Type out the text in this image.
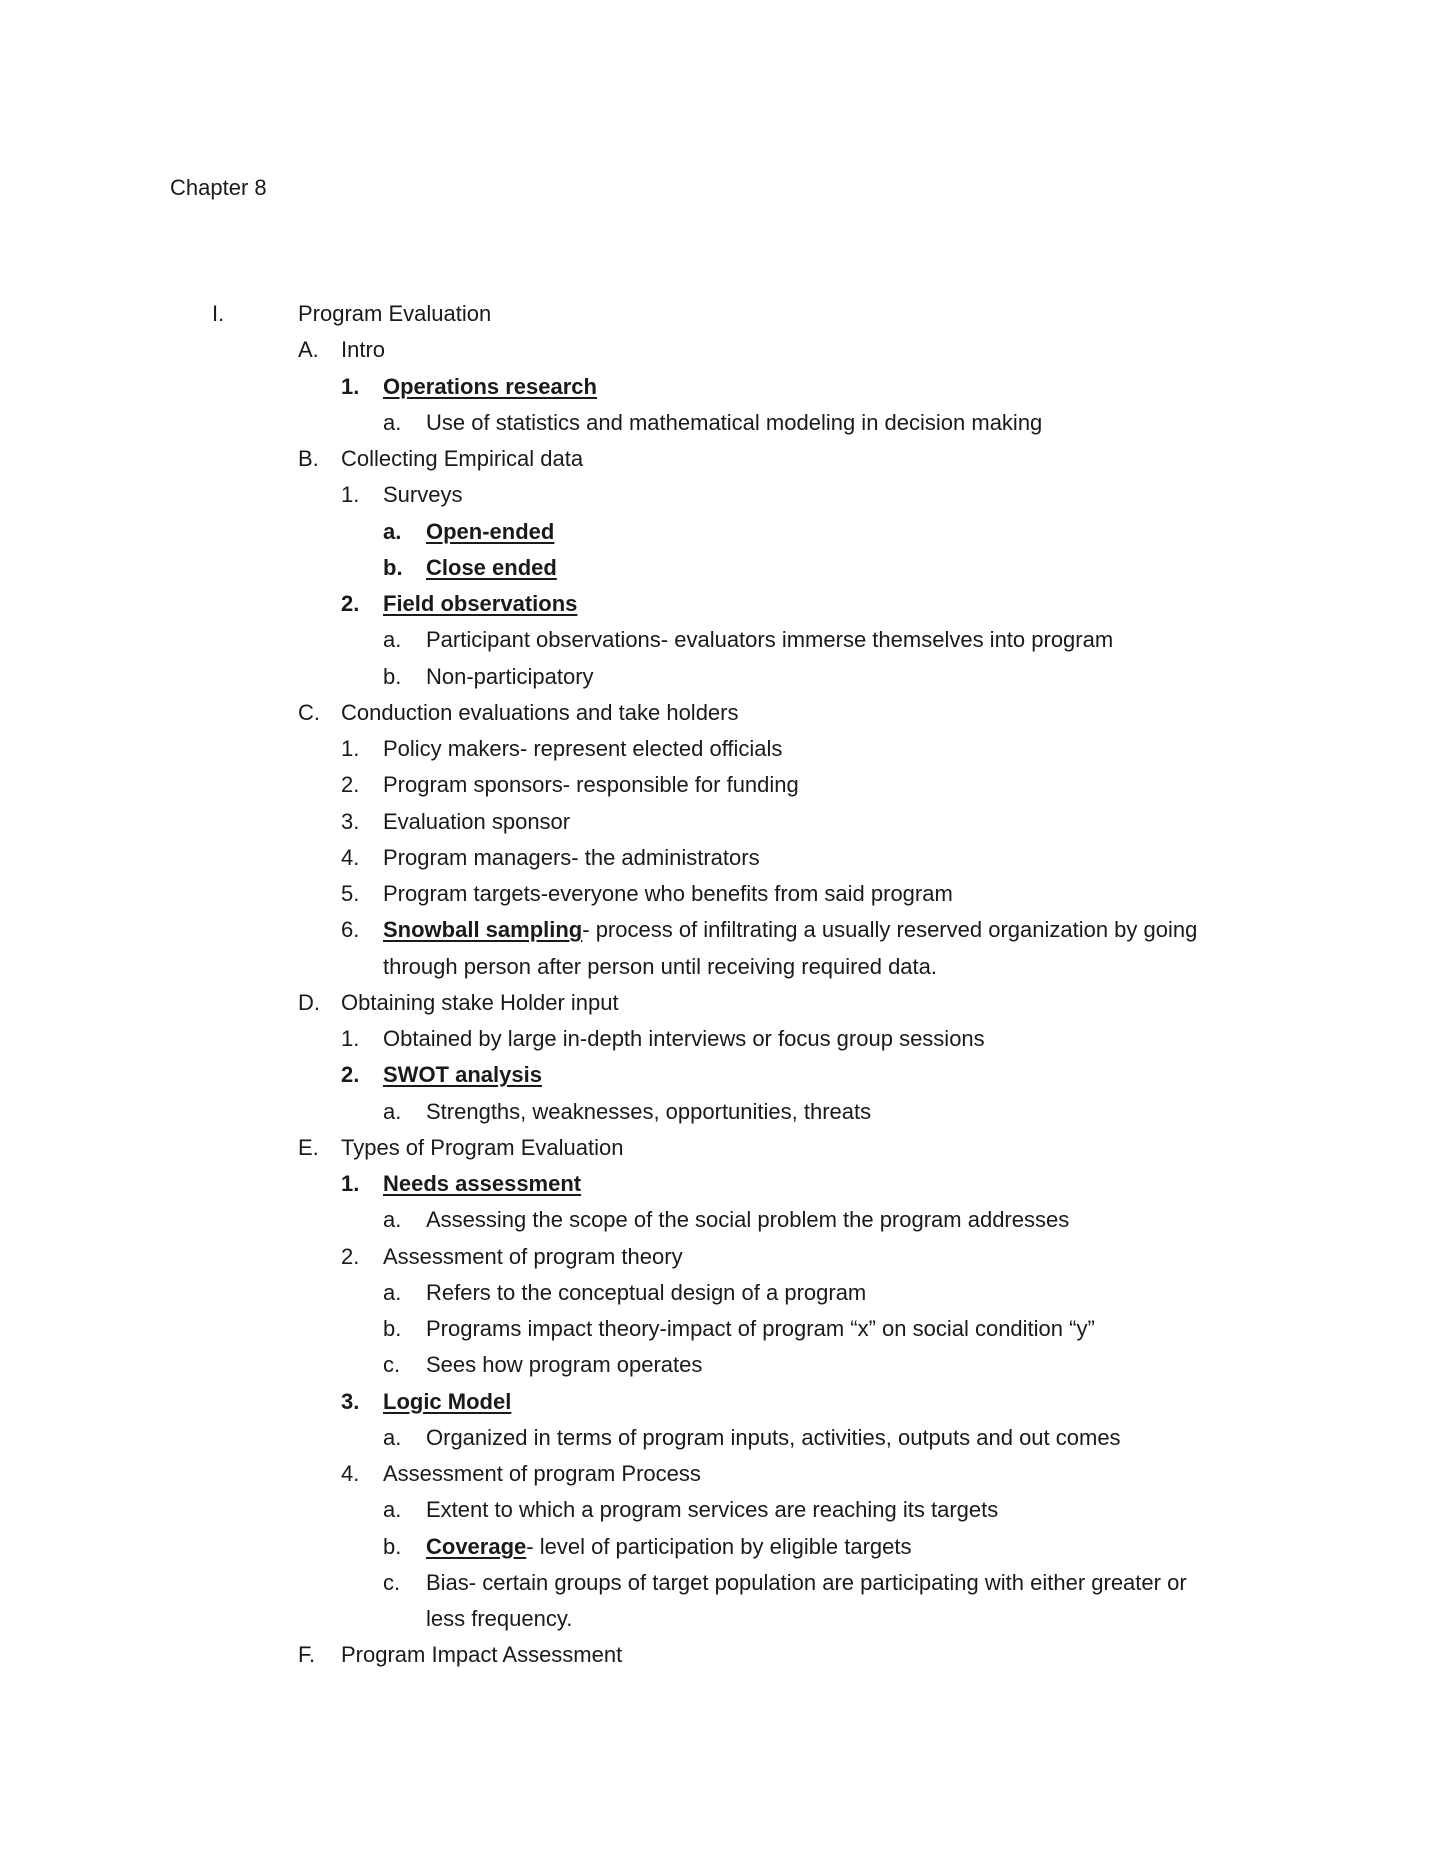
Chapter 8
I.	Program Evaluation
A. Intro
1. Operations research
a. Use of statistics and mathematical modeling in decision making
B. Collecting Empirical data
1. Surveys
a. Open-ended
b. Close ended
2. Field observations
a. Participant observations- evaluators immerse themselves into program
b. Non-participatory
C. Conduction evaluations and take holders
1. Policy makers- represent elected officials
2. Program sponsors- responsible for funding
3. Evaluation sponsor
4. Program managers- the administrators
5. Program targets-everyone who benefits from said program
6. Snowball sampling- process of infiltrating a usually reserved organization by going
through person after person until receiving required data.
D. Obtaining stake Holder input
1. Obtained by large in-depth interviews or focus group sessions
2. SWOT analysis
a. Strengths, weaknesses, opportunities, threats
E. Types of Program Evaluation
1. Needs assessment
a. Assessing the scope of the social problem the program addresses
2. Assessment of program theory
a. Refers to the conceptual design of a program
b. Programs impact theory-impact of program “x” on social condition “y”
c. Sees how program operates
3. Logic Model
a. Organized in terms of program inputs, activities, outputs and out comes
4. Assessment of program Process
a. Extent to which a program services are reaching its targets
b. Coverage- level of participation by eligible targets
c. Bias- certain groups of target population are participating with either greater or
less frequency.
F. Program Impact Assessment
